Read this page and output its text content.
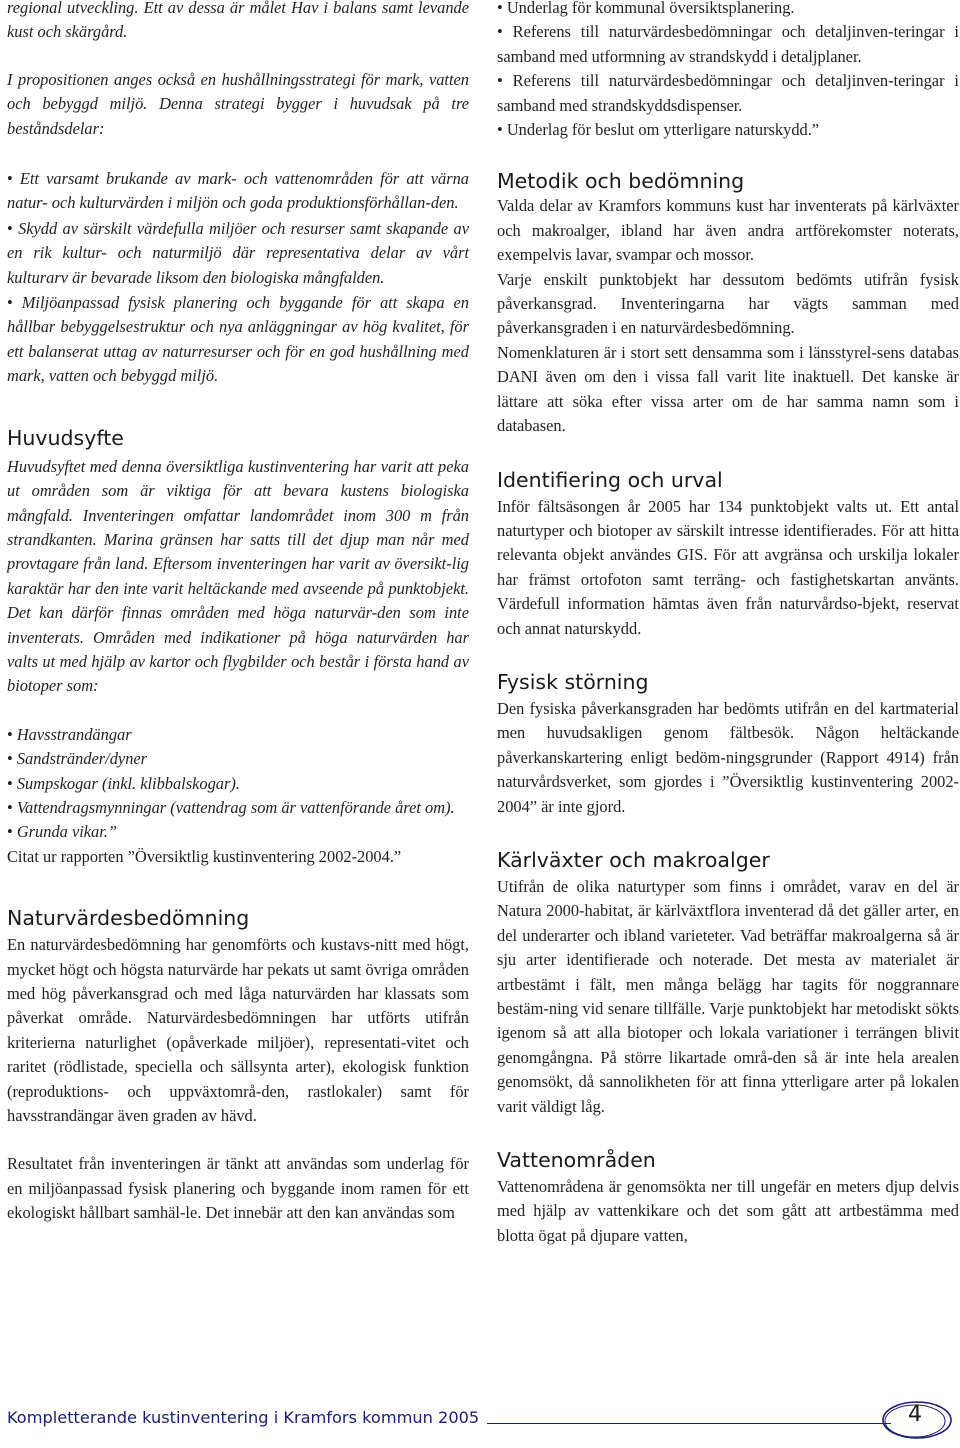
regional utveckling. Ett av dessa är målet Hav i balans samt levande kust och skärgård.

I propositionen anges också en hushållningsstrategi för mark, vatten och bebyggd miljö. Denna strategi bygger i huvudsak på tre beståndsdelar:

• Ett varsamt brukande av mark- och vattenområden för att värna natur- och kulturvärden i miljön och goda produktionsförhållan-den.
• Skydd av särskilt värdefulla miljöer och resurser samt skapande av en rik kultur- och naturmiljö där representativa delar av vårt kulturarv är bevarade liksom den biologiska mångfalden.
• Miljöanpassad fysisk planering och byggande för att skapa en hållbar bebyggelsestruktur och nya anläggningar av hög kvalitet, för ett balanserat uttag av naturresurser och för en god hushållning med mark, vatten och bebyggd miljö.
Huvudsyfte

Huvudsyftet med denna översiktliga kustinventering har varit att peka ut områden som är viktiga för att bevara kustens biologiska mångfald. Inventeringen omfattar landområdet inom 300 m från strandkanten. Marina gränsen har satts till det djup man når med provtagare från land. Eftersom inventeringen har varit av översikt-lig karaktär har den inte varit heltäckande med avseende på punktobjekt. Det kan därför finnas områden med höga naturvär-den som inte inventerats. Områden med indikationer på höga naturvärden har valts ut med hjälp av kartor och flygbilder och består i första hand av biotoper som:

• Havsstrandängar
• Sandstränder/dyner
• Sumpskogar (inkl. klibbalskogar).
• Vattendragsmynningar (vattendrag som är vattenförande året om).
• Grunda vikar.”

Citat ur rapporten ”Översiktlig kustinventering 2002-2004.”

Naturvärdesbedömning

En naturvärdesbedömning har genomförts och kustavs-nitt med högt, mycket högt och högsta naturvärde har pekats ut samt övriga områden med hög påverkansgrad och med låga naturvärden har klassats som påverkat område. Naturvärdesbedömningen har utförts utifrån kriterierna naturlighet (opåverkade miljöer), representati-vitet och raritet (rödlistade, speciella och sällsynta arter), ekologisk funktion (reproduktions- och uppväxtområ-den, rastlokaler) samt för havsstrandängar även graden av hävd.

Resultatet från inventeringen är tänkt att användas som underlag för en miljöanpassad fysisk planering och byggande inom ramen för ett ekologiskt hållbart samhäl-le. Det innebär att den kan användas som

• Underlag för kommunal översiktsplanering.
• Referens till naturvärdesbedömningar och detaljinven-teringar i samband med utformning av strandskydd i detaljplaner.
• Referens till naturvärdesbedömningar och detaljinven-teringar i samband med strandskyddsdispenser.
• Underlag för beslut om ytterligare naturskydd.”
Metodik och bedömning

Valda delar av Kramfors kommuns kust har inventerats på kärlväxter och makroalger, ibland har även andra artförekomster noterats, exempelvis lavar, svampar och mossor.

Varje enskilt punktobjekt har dessutom bedömts utifrån fysisk påverkansgrad. Inventeringarna har vägts samman med påverkansgraden i en naturvärdesbedömning.

Nomenklaturen är i stort sett densamma som i länsstyrel-sens databas DANI även om den i vissa fall varit lite inaktuell. Det kanske är lättare att söka efter vissa arter om de har samma namn som i databasen.

Identifiering och urval

Inför fältsäsongen år 2005 har 134 punktobjekt valts ut. Ett antal naturtyper och biotoper av särskilt intresse identifierades. För att hitta relevanta objekt användes GIS. För att avgränsa och urskilja lokaler har främst ortofoton samt terräng- och fastighetskartan använts. Värdefull information hämtas även från naturvårdso-bjekt, reservat och annat naturskydd.

Fysisk störning

Den fysiska påverkansgraden har bedömts utifrån en del kartmaterial men huvudsakligen genom fältbesök. Någon heltäckande påverkanskartering enligt bedöm-ningsgrunder (Rapport 4914) från naturvårdsverket, som gjordes i ”Översiktlig kustinventering 2002-2004” är inte gjord.

Kärlväxter och makroalger

Utifrån de olika naturtyper som finns i området, varav en del är Natura 2000-habitat, är kärlväxtflora inventerad då det gäller arter, en del underarter och ibland varieteter. Vad beträffar makroalgerna så är sju arter identifierade och noterade. Det mesta av materialet är artbestämt i fält, men många belägg har tagits för noggrannare bestäm-ning vid senare tillfälle. Varje punktobjekt har metodiskt sökts igenom så att alla biotoper och lokala variationer i terrängen blivit genomgångna. På större likartade områ-den så är inte hela arealen genomsökt, då sannolikheten för att finna ytterligare arter på lokalen varit väldigt låg.

Vattenområden

Vattenområdena är genomsökta ner till ungefär en meters djup delvis med hjälp av vattenkikare och det som gått att artbestämma med blotta ögat på djupare vatten,

Kompletterande kustinventering i Kramfors kommun 2005	4
